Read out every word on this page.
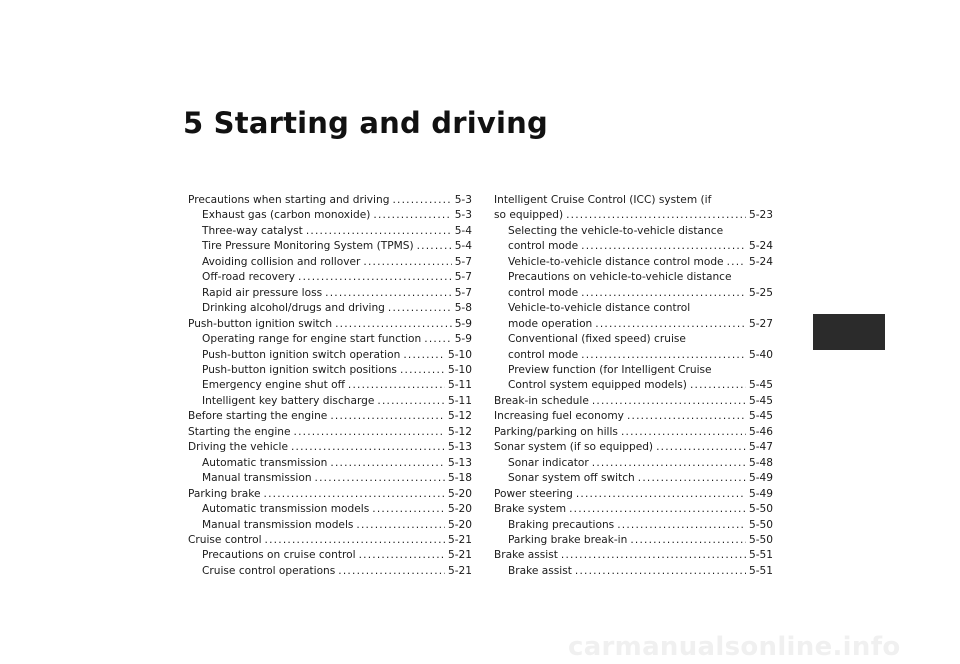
5 Starting and driving
Precautions when starting and driving .....	5-3
Exhaust gas (carbon monoxide) .....	5-3
Three-way catalyst .....	5-4
Tire Pressure Monitoring System (TPMS) .....	5-4
Avoiding collision and rollover .....	5-7
Off-road recovery .....	5-7
Rapid air pressure loss .....	5-7
Drinking alcohol/drugs and driving .....	5-8
Push-button ignition switch .....	5-9
Operating range for engine start function .....	5-9
Push-button ignition switch operation .....	5-10
Push-button ignition switch positions .....	5-10
Emergency engine shut off .....	5-11
Intelligent key battery discharge .....	5-11
Before starting the engine .....	5-12
Starting the engine .....	5-12
Driving the vehicle .....	5-13
Automatic transmission .....	5-13
Manual transmission .....	5-18
Parking brake .....	5-20
Automatic transmission models .....	5-20
Manual transmission models .....	5-20
Cruise control .....	5-21
Precautions on cruise control .....	5-21
Cruise control operations .....	5-21
Intelligent Cruise Control (ICC) system (if
so equipped) .....	5-23
Selecting the vehicle-to-vehicle distance
control mode .....	5-24
Vehicle-to-vehicle distance control mode ..... 5-24
Precautions on vehicle-to-vehicle distance
control mode .....	5-25
Vehicle-to-vehicle distance control
mode operation .....	5-27
Conventional (fixed speed) cruise
control mode .....	5-40
Preview function (for Intelligent Cruise
Control system equipped models) .....	5-45
Break-in schedule .....	5-45
Increasing fuel economy .....	5-45
Parking/parking on hills .....	5-46
Sonar system (if so equipped) .....	5-47
Sonar indicator .....	5-48
Sonar system off switch .....	5-49
Power steering .....	5-49
Brake system .....	5-50
Braking precautions .....	5-50
Parking brake break-in .....	5-50
Brake assist .....	5-51
Brake assist .....	5-51
carmanualsonline.info
